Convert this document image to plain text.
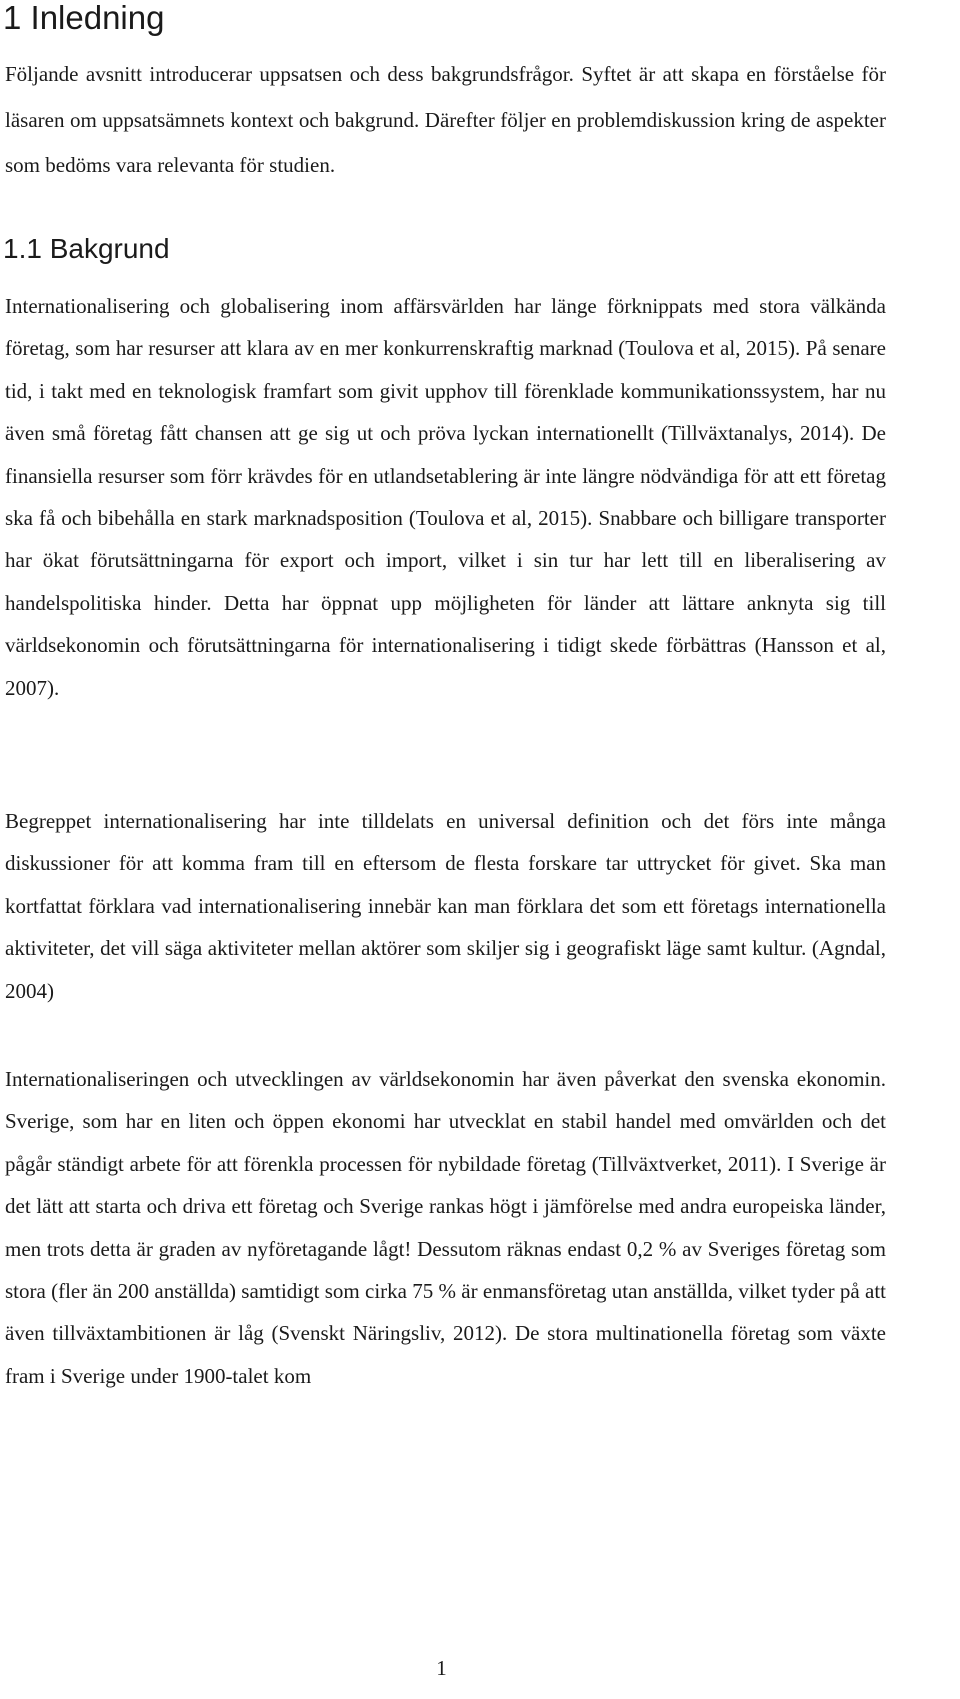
1 Inledning

Följande avsnitt introducerar uppsatsen och dess bakgrundsfrågor. Syftet är att skapa en förståelse för läsaren om uppsatsämnets kontext och bakgrund. Därefter följer en problemdiskussion kring de aspekter som bedöms vara relevanta för studien.

1.1 Bakgrund

Internationalisering och globalisering inom affärsvärlden har länge förknippats med stora välkända företag, som har resurser att klara av en mer konkurrenskraftig marknad (Toulova et al, 2015). På senare tid, i takt med en teknologisk framfart som givit upphov till förenklade kommunikationssystem, har nu även små företag fått chansen att ge sig ut och pröva lyckan internationellt (Tillväxtanalys, 2014). De finansiella resurser som förr krävdes för en utlandsetablering är inte längre nödvändiga för att ett företag ska få och bibehålla en stark marknadsposition (Toulova et al, 2015). Snabbare och billigare transporter har ökat förutsättningarna för export och import, vilket i sin tur har lett till en liberalisering av handelspolitiska hinder. Detta har öppnat upp möjligheten för länder att lättare anknyta sig till världsekonomin och förutsättningarna för internationalisering i tidigt skede förbättras (Hansson et al, 2007).

Begreppet internationalisering har inte tilldelats en universal definition och det förs inte många diskussioner för att komma fram till en eftersom de flesta forskare tar uttrycket för givet. Ska man kortfattat förklara vad internationalisering innebär kan man förklara det som ett företags internationella aktiviteter, det vill säga aktiviteter mellan aktörer som skiljer sig i geografiskt läge samt kultur. (Agndal, 2004)

Internationaliseringen och utvecklingen av världsekonomin har även påverkat den svenska ekonomin. Sverige, som har en liten och öppen ekonomi har utvecklat en stabil handel med omvärlden och det pågår ständigt arbete för att förenkla processen för nybildade företag (Tillväxtverket, 2011). I Sverige är det lätt att starta och driva ett företag och Sverige rankas högt i jämförelse med andra europeiska länder, men trots detta är graden av nyföretagande lågt! Dessutom räknas endast 0,2 % av Sveriges företag som stora (fler än 200 anställda) samtidigt som cirka 75 % är enmansföretag utan anställda, vilket tyder på att även tillväxtambitionen är låg (Svenskt Näringsliv, 2012). De stora multinationella företag som växte fram i Sverige under 1900-talet kom

1
